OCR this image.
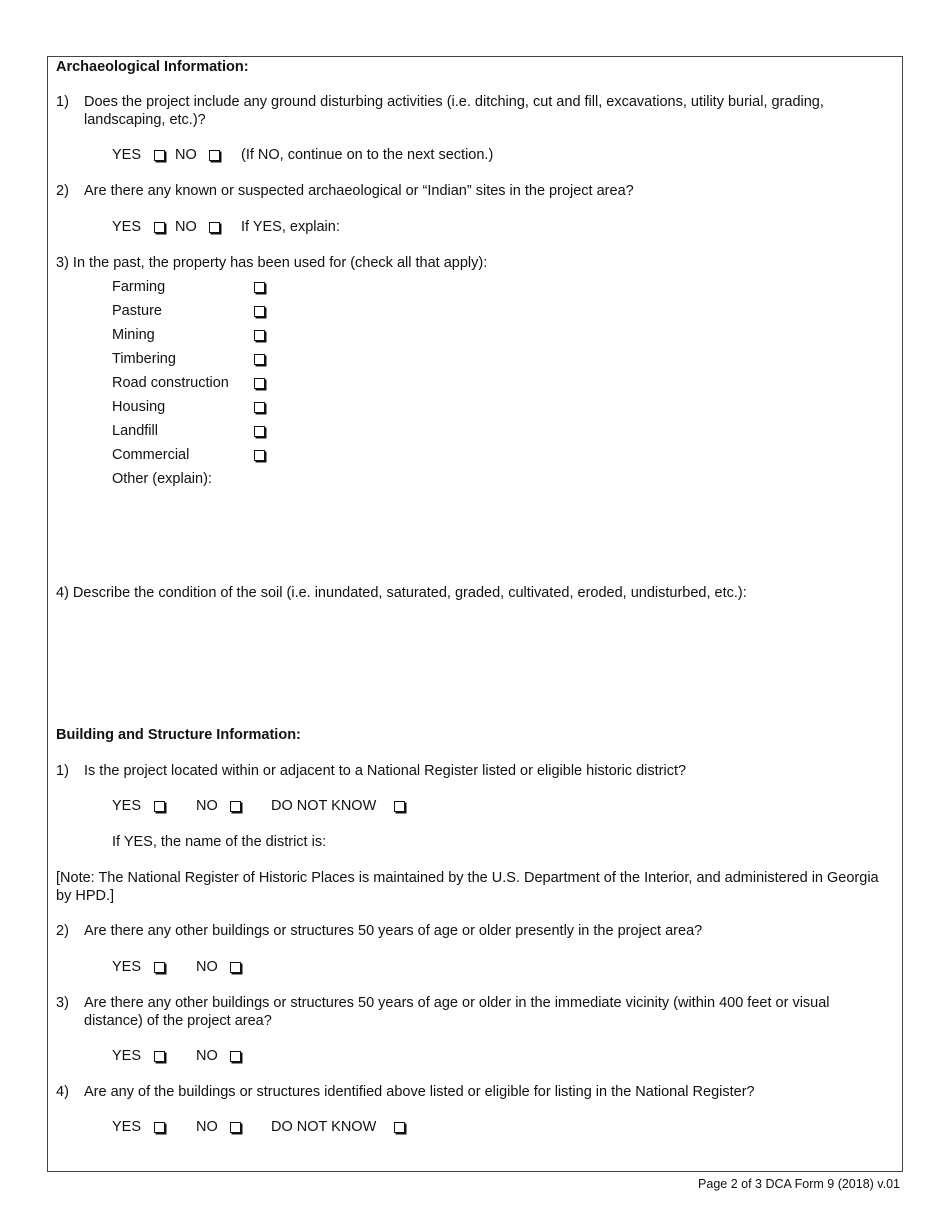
Archaeological Information:
1) Does the project include any ground disturbing activities (i.e. ditching, cut and fill, excavations, utility burial, grading, landscaping, etc.)?
YES NO	(If NO, continue on to the next section.)
2) Are there any known or suspected archaeological or “Indian” sites in the project area?
YES NO	If YES, explain:
3) In the past, the property has been used for (check all that apply):
Farming
Pasture
Mining
Timbering
Road construction
Housing
Landfill
Commercial
Other (explain):
4) Describe the condition of the soil (i.e. inundated, saturated, graded, cultivated, eroded, undisturbed, etc.):
Building and Structure Information:
1) Is the project located within or adjacent to a National Register listed or eligible historic district?
YES	NO	DO NOT KNOW
If YES, the name of the district is:
[Note: The National Register of Historic Places is maintained by the U.S. Department of the Interior, and administered in Georgia by HPD.]
2) Are there any other buildings or structures 50 years of age or older presently in the project area?
YES	NO
3) Are there any other buildings or structures 50 years of age or older in the immediate vicinity (within 400 feet or visual distance) of the project area?
YES	NO
4) Are any of the buildings or structures identified above listed or eligible for listing in the National Register?
YES	NO	DO NOT KNOW
Page 2 of 3 DCA Form 9 (2018) v.01
